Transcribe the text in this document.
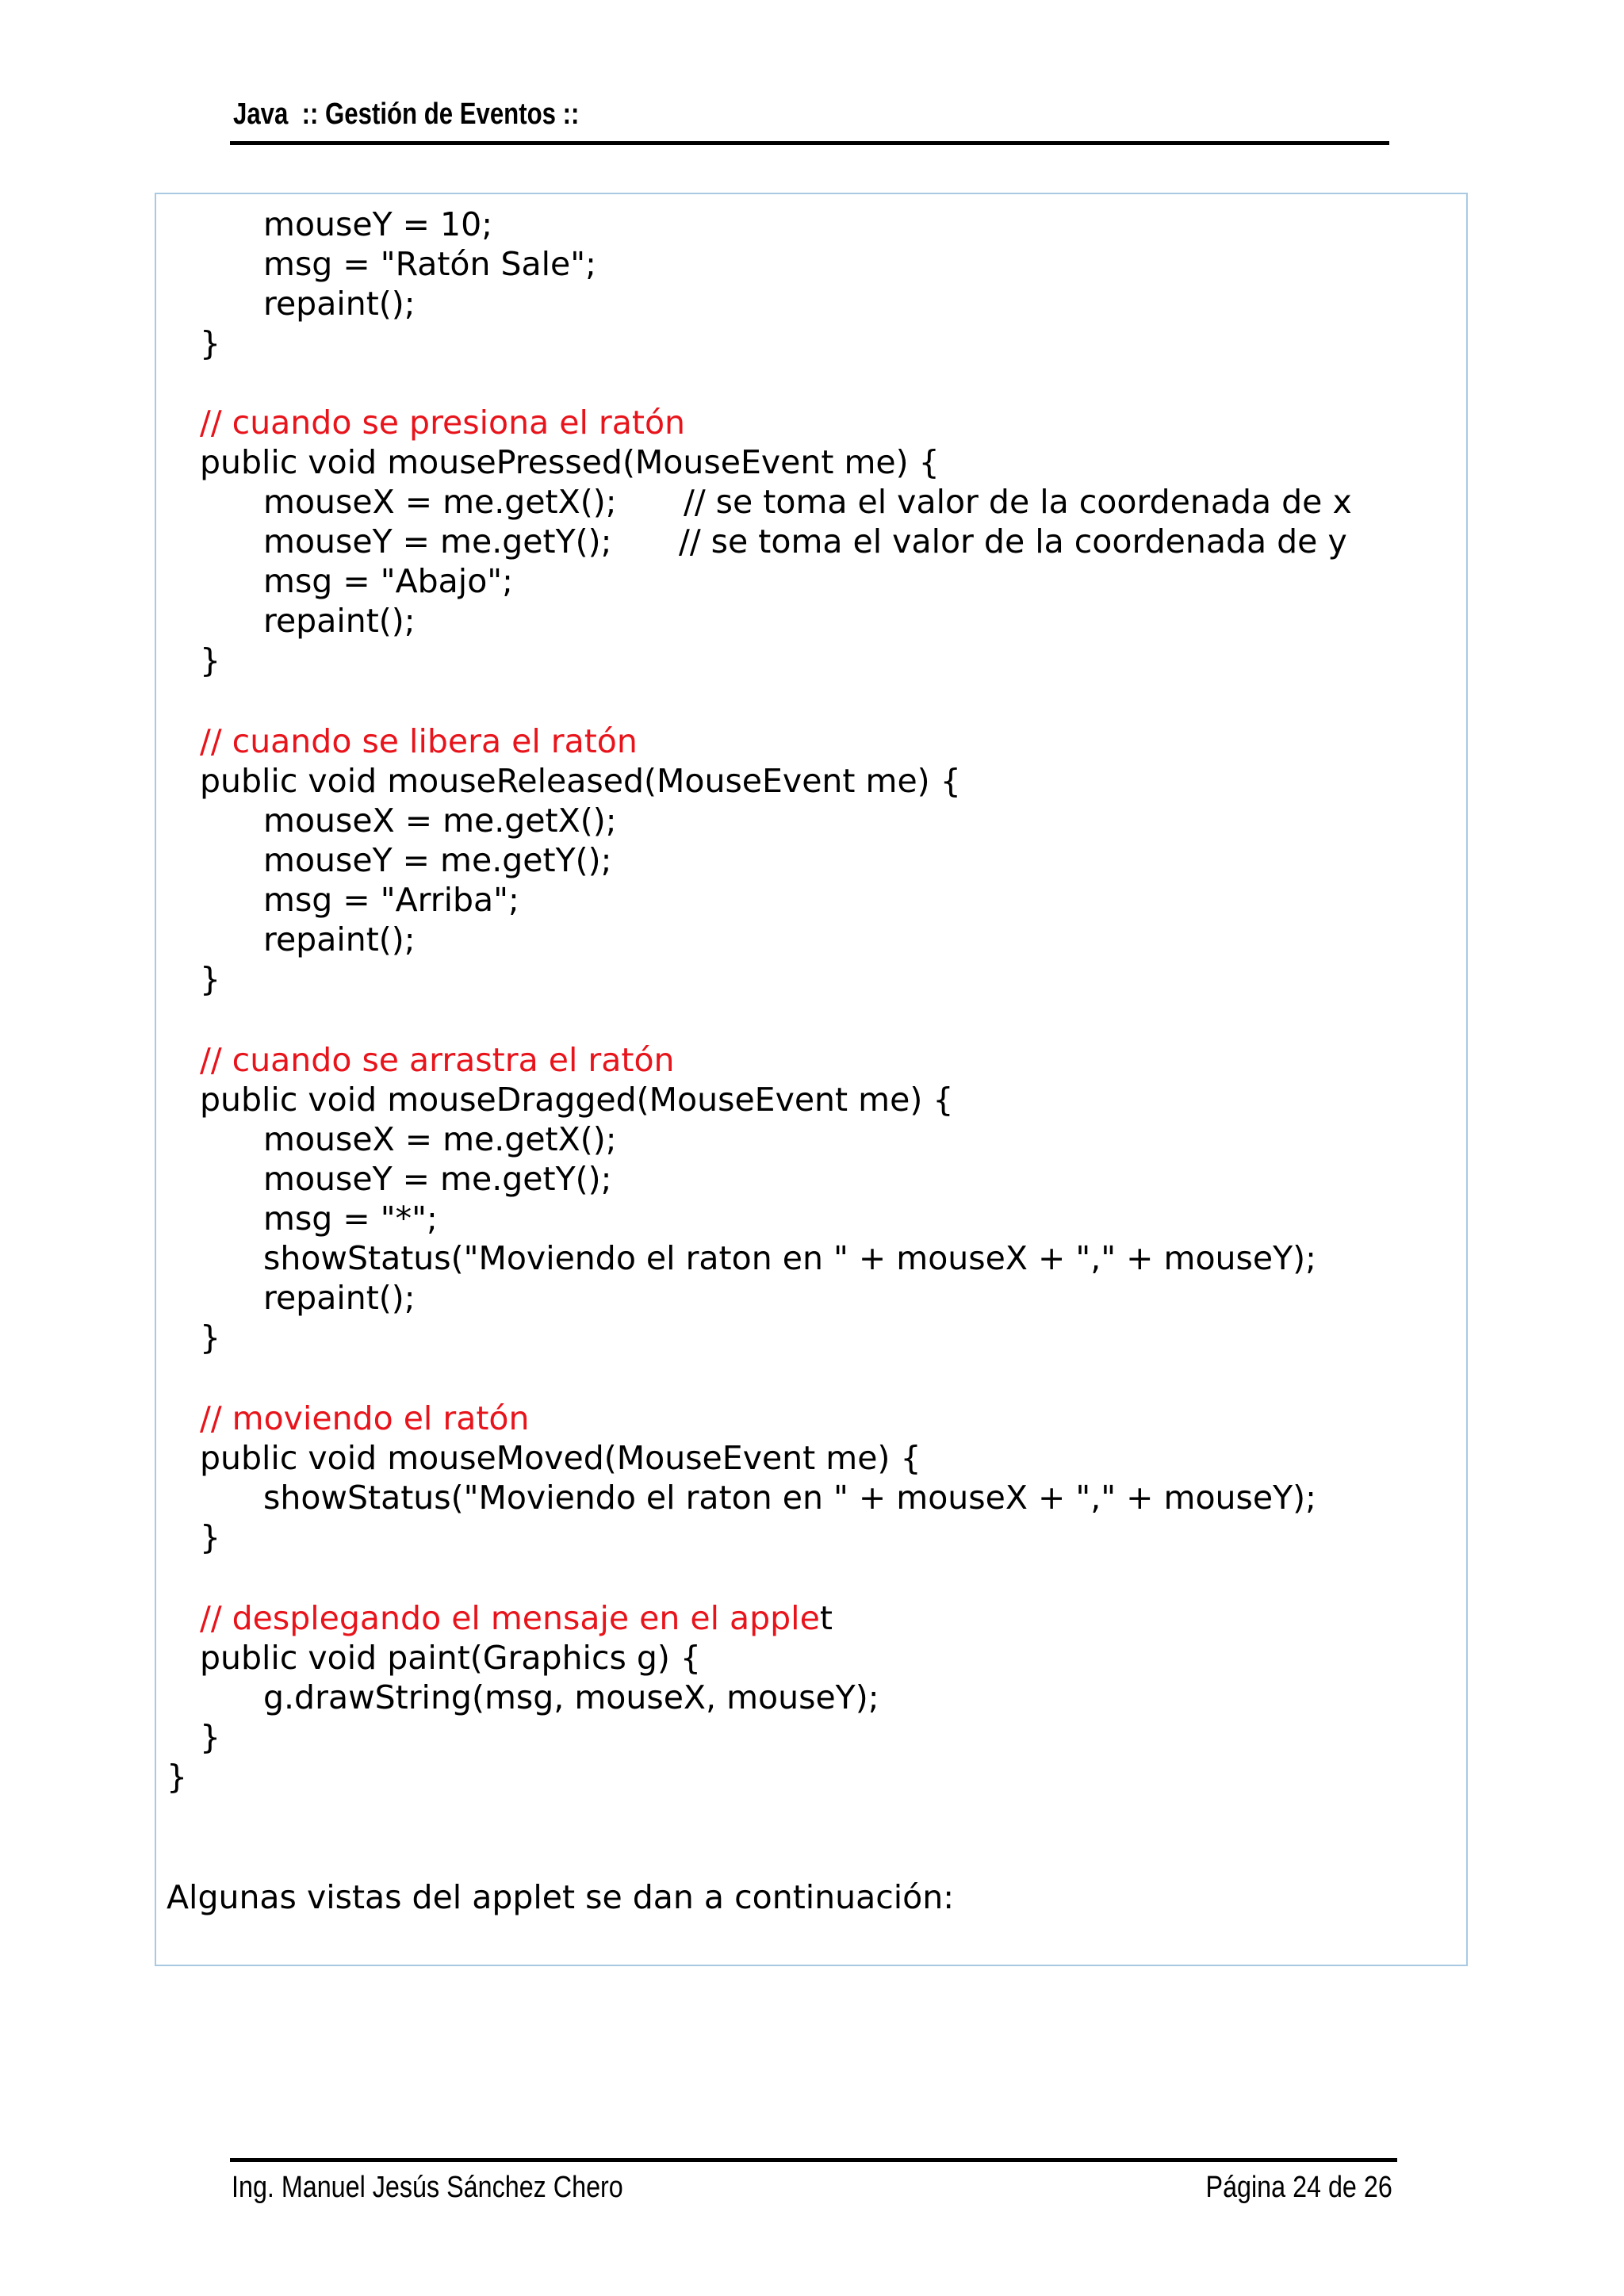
Java  :: Gestión de Eventos ::
mouseY = 10;
msg = "Ratón Sale";
repaint();
}
// cuando se presiona el ratón
public void mousePressed(MouseEvent me) {
mouseX = me.getX(); // se toma el valor de la coordenada de x
mouseY = me.getY(); // se toma el valor de la coordenada de y
msg = "Abajo";
repaint();
}
// cuando se libera el ratón
public void mouseReleased(MouseEvent me) {
mouseX = me.getX();
mouseY = me.getY();
msg = "Arriba";
repaint();
}
// cuando se arrastra el ratón
public void mouseDragged(MouseEvent me) {
mouseX = me.getX();
mouseY = me.getY();
msg = "*";
showStatus("Moviendo el raton en " + mouseX + "," + mouseY);
repaint();
}
// moviendo el ratón
public void mouseMoved(MouseEvent me) {
showStatus("Moviendo el raton en " + mouseX + "," + mouseY);
}
// desplegando el mensaje en el applet
public void paint(Graphics g) {
g.drawString(msg, mouseX, mouseY);
}
}
Algunas vistas del applet se dan a continuación:
Ing. Manuel Jesús Sánchez Chero	Página 24 de 26
